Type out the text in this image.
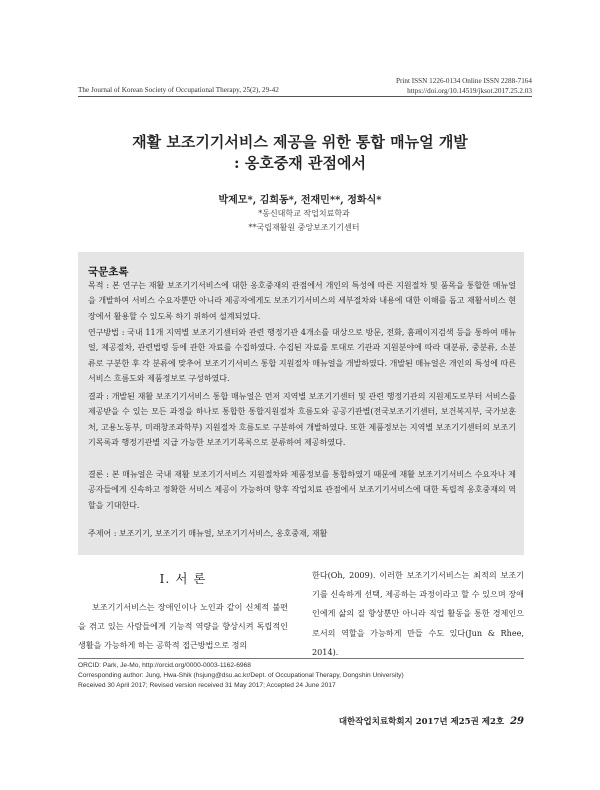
The Journal of Korean Society of Occupational Therapy, 25(2), 29-42
Print ISSN 1226-0134 Online ISSN 2288-7164
https://doi.org/10.14519/jksot.2017.25.2.03
재활 보조기기서비스 제공을 위한 통합 매뉴얼 개발
: 옹호중재 관점에서
박제모*, 김희동*, 전재민**, 정화식*
*동신대학교 작업치료학과
**국립재활원 중앙보조기기센터
국문초록
목적 : 본 연구는 재활 보조기기서비스에 대한 옹호중재의 관점에서 개인의 특성에 따른 지원절차 및 품목을 통합한 매뉴얼을 개발하여 서비스 수요자뿐만 아니라 제공자에게도 보조기기서비스의 세부절차와 내용에 대한 이해를 돕고 재활서비스 현장에서 활용할 수 있도록 하기 위하여 설계되었다.
연구방법 : 국내 11개 지역별 보조기기센터와 관련 행정기관 4개소를 대상으로 방문, 전화, 홈페이지검색 등을 통하여 매뉴얼, 제공절차, 관련법령 등에 관한 자료를 수집하였다. 수집된 자료를 토대로 기관과 지원분야에 따라 대분류, 중분류, 소분류로 구분한 후 각 분류에 맞추어 보조기기서비스 통합 지원절차 매뉴얼을 개발하였다. 개발된 매뉴얼은 개인의 특성에 따른 서비스 흐름도와 제품정보로 구성하였다.
결과 : 개발된 재활 보조기기서비스 통합 매뉴얼은 먼저 지역별 보조기기센터 및 관련 행정기관의 지원제도로부터 서비스를 제공받을 수 있는 모든 과정을 하나로 통합한 통합지원절차 흐름도와 공공기관별(전국보조기기센터, 보건복지부, 국가보훈처, 고용노동부, 미래창조과학부) 지원절차 흐름도로 구분하여 개발하였다. 또한 제품정보는 지역별 보조기기센터의 보조기기목록과 행정기관별 지급 가능한 보조기기목록으로 분류하여 제공하였다.
결론 : 본 매뉴얼은 국내 재활 보조기기서비스 지원절차와 제품정보를 통합하였기 때문에 재활 보조기기서비스 수요자나 제공자들에게 신속하고 정확한 서비스 제공이 가능하며 향후 작업치료 관점에서 보조기기서비스에 대한 독립적 옹호중재의 역할을 기대한다.
주제어 : 보조기기, 보조기기 매뉴얼, 보조기기서비스, 옹호중재, 재활
Ⅰ. 서 론
보조기기서비스는 장애인이나 노인과 같이 신체적 불편을 겪고 있는 사람들에게 기능적 역량을 향상시켜 독립적인 생활을 가능하게 하는 공학적 접근방법으로 정의
한다(Oh, 2009). 이러한 보조기기서비스는 최적의 보조기기를 신속하게 선택, 제공하는 과정이라고 할 수 있으며 장애인에게 삶의 질 향상뿐만 아니라 직업 활동을 통한 경제인으로서의 역할을 가능하게 만들 수도 있다(Jun & Rhee, 2014).
ORCID: Park, Je-Mo, http://orcid.org/0000-0003-1162-6968
Corresponding author: Jung, Hwa-Shik (hsjung@dsu.ac.kr/Dept. of Occupational Therapy, Dongshin University)
Received 30 April 2017; Revised version received 31 May 2017; Accepted 24 June 2017
대한작업치료학회지 2017년 제25권 제2호 29
